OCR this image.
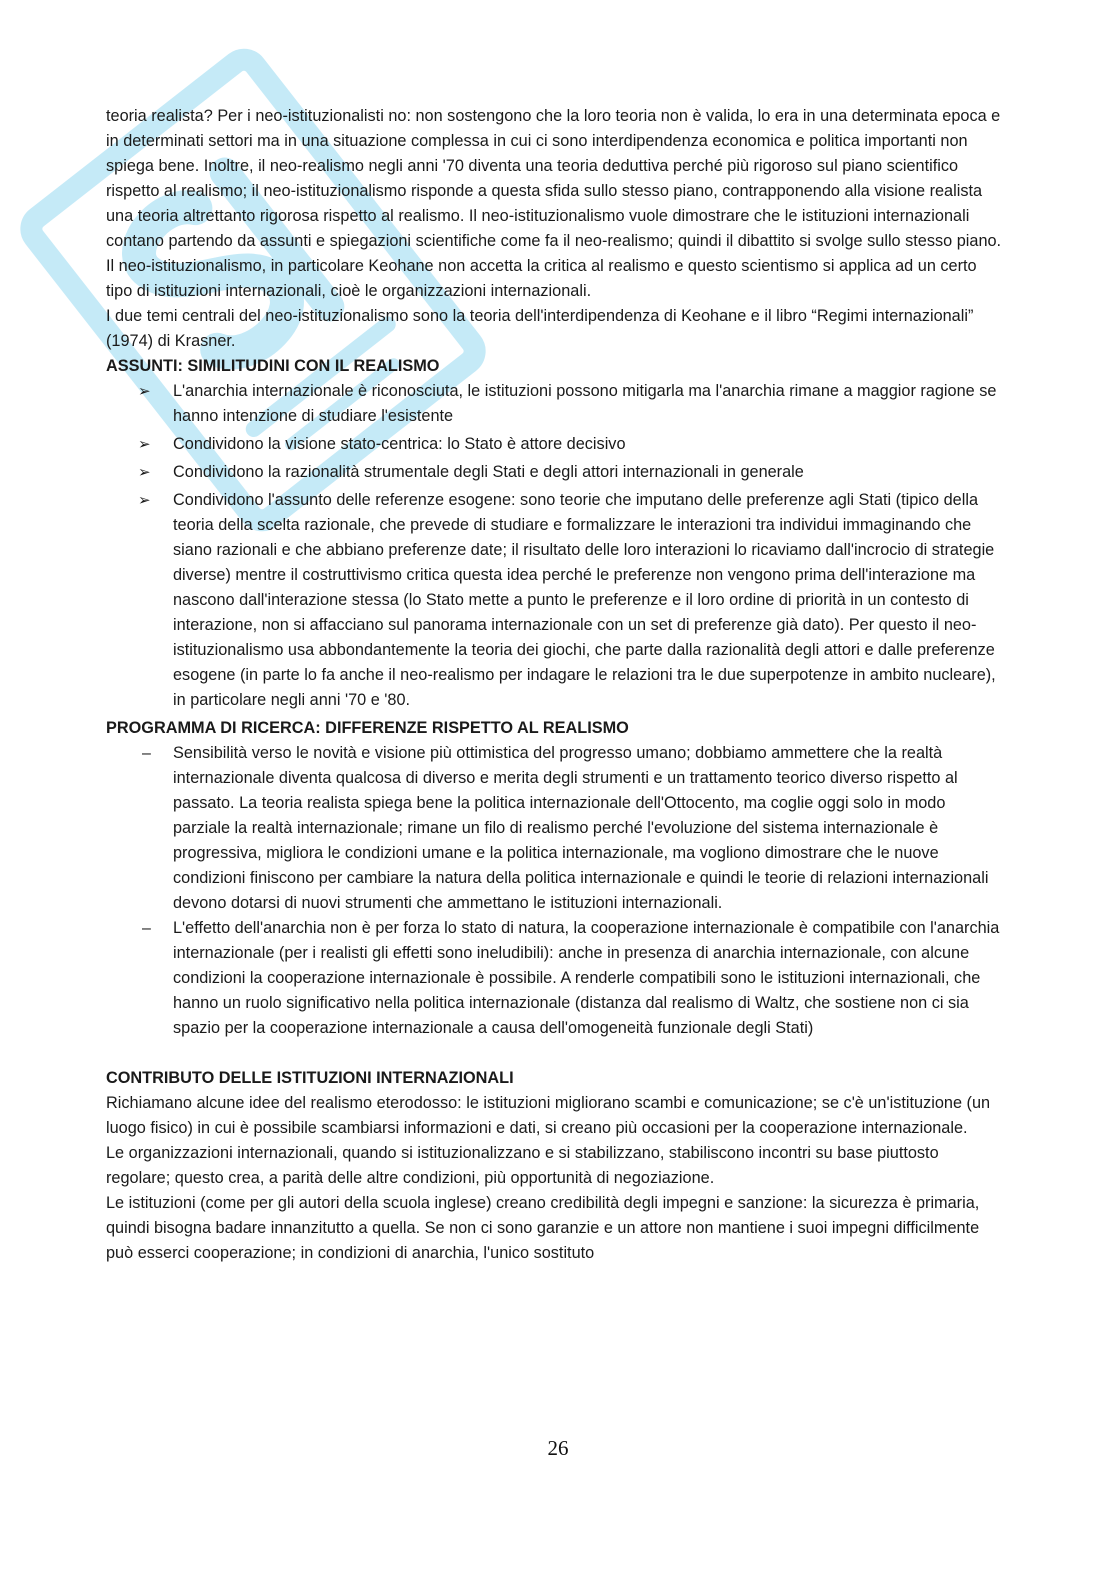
teoria realista? Per i neo-istituzionalisti no: non sostengono che la loro teoria non è valida, lo era in una determinata epoca e in determinati settori ma in una situazione complessa in cui ci sono interdipendenza economica e politica importanti non spiega bene. Inoltre, il neo-realismo negli anni '70 diventa una teoria deduttiva perché più rigoroso sul piano scientifico rispetto al realismo; il neo-istituzionalismo risponde a questa sfida sullo stesso piano, contrapponendo alla visione realista una teoria altrettanto rigorosa rispetto al realismo. Il neo-istituzionalismo vuole dimostrare che le istituzioni internazionali contano partendo da assunti e spiegazioni scientifiche come fa il neo-realismo; quindi il dibattito si svolge sullo stesso piano.

Il neo-istituzionalismo, in particolare Keohane non accetta la critica al realismo e questo scientismo si applica ad un certo tipo di istituzioni internazionali, cioè le organizzazioni internazionali.

I due temi centrali del neo-istituzionalismo sono la teoria dell'interdipendenza di Keohane e il libro “Regimi internazionali” (1974) di Krasner.

ASSUNTI: SIMILITUDINI CON IL REALISMO

➢	L'anarchia internazionale è riconosciuta, le istituzioni possono mitigarla ma l'anarchia rimane a maggior ragione se hanno intenzione di studiare l'esistente
➢	Condividono la visione stato-centrica: lo Stato è attore decisivo
➢	Condividono la razionalità strumentale degli Stati e degli attori internazionali in generale
➢	Condividono l'assunto delle referenze esogene: sono teorie che imputano delle preferenze agli Stati (tipico della teoria della scelta razionale, che prevede di studiare e formalizzare le interazioni tra individui immaginando che siano razionali e che abbiano preferenze date; il risultato delle loro interazioni lo ricaviamo dall'incrocio di strategie diverse) mentre il costruttivismo critica questa idea perché le preferenze non vengono prima dell'interazione ma nascono dall'interazione stessa (lo Stato mette a punto le preferenze e il loro ordine di priorità in un contesto di interazione, non si affacciano sul panorama internazionale con un set di preferenze già dato). Per questo il neo-istituzionalismo usa abbondantemente la teoria dei giochi, che parte dalla razionalità degli attori e dalle preferenze esogene (in parte lo fa anche il neo-realismo per indagare le relazioni tra le due superpotenze in ambito nucleare), in particolare negli anni '70 e '80.

PROGRAMMA DI RICERCA: DIFFERENZE RISPETTO AL REALISMO

–	Sensibilità verso le novità e visione più ottimistica del progresso umano; dobbiamo ammettere che la realtà internazionale diventa qualcosa di diverso e merita degli strumenti e un trattamento teorico diverso rispetto al passato. La teoria realista spiega bene la politica internazionale dell'Ottocento, ma coglie oggi solo in modo parziale la realtà internazionale; rimane un filo di realismo perché l'evoluzione del sistema internazionale è progressiva, migliora le condizioni umane e la politica internazionale, ma vogliono dimostrare che le nuove condizioni finiscono per cambiare la natura della politica internazionale e quindi le teorie di relazioni internazionali devono dotarsi di nuovi strumenti che ammettano le istituzioni internazionali.
–	L'effetto dell'anarchia non è per forza lo stato di natura, la cooperazione internazionale è compatibile con l'anarchia internazionale (per i realisti gli effetti sono ineludibili): anche in presenza di anarchia internazionale, con alcune condizioni la cooperazione internazionale è possibile. A renderle compatibili sono le istituzioni internazionali, che hanno un ruolo significativo nella politica internazionale (distanza dal realismo di Waltz, che sostiene non ci sia spazio per la cooperazione internazionale a causa dell'omogeneità funzionale degli Stati)

CONTRIBUTO DELLE ISTITUZIONI INTERNAZIONALI

Richiamano alcune idee del realismo eterodosso: le istituzioni migliorano scambi e comunicazione; se c'è un'istituzione (un luogo fisico) in cui è possibile scambiarsi informazioni e dati, si creano più occasioni per la cooperazione internazionale.

Le organizzazioni internazionali, quando si istituzionalizzano e si stabilizzano, stabiliscono incontri su base piuttosto regolare; questo crea, a parità delle altre condizioni, più opportunità di negoziazione.

Le istituzioni (come per gli autori della scuola inglese) creano credibilità degli impegni e sanzione: la sicurezza è primaria, quindi bisogna badare innanzitutto a quella. Se non ci sono garanzie e un attore non mantiene i suoi impegni difficilmente può esserci cooperazione; in condizioni di anarchia, l'unico sostituto

26
